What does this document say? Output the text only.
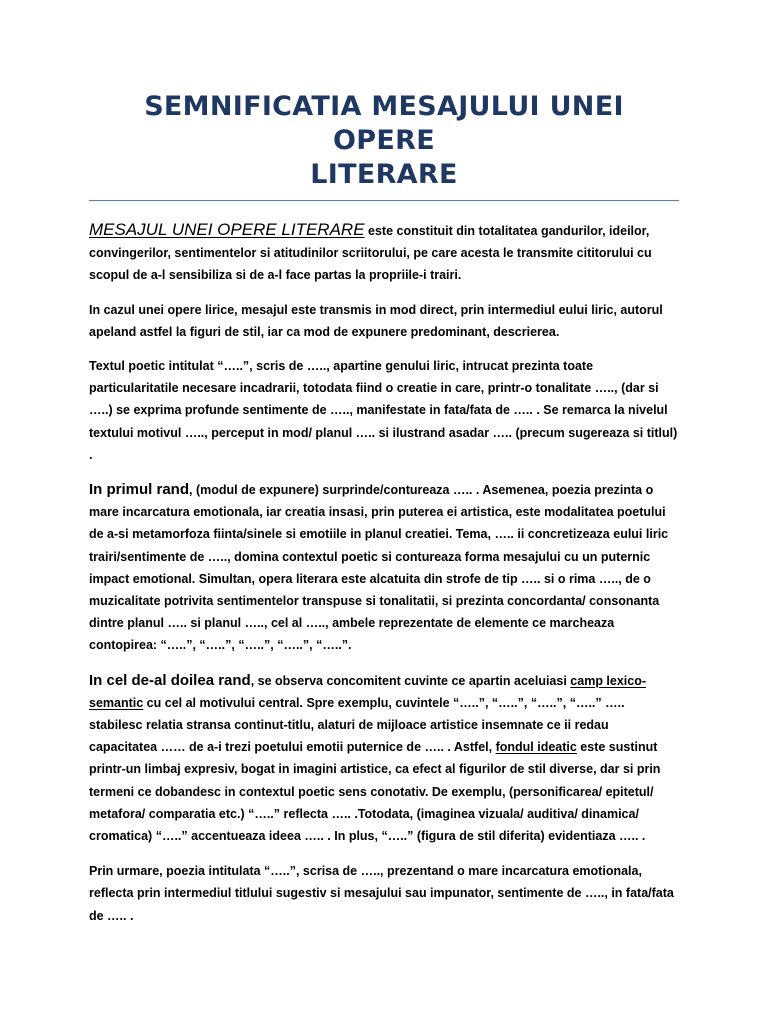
SEMNIFICATIA MESAJULUI UNEI OPERE
LITERARE

MESAJUL UNEI OPERE LITERARE este constituit din totalitatea gandurilor, ideilor, convingerilor, sentimentelor si atitudinilor scriitorului, pe care acesta le transmite cititorului cu scopul de a-l sensibiliza si de a-l face partas la propriile-i trairi.

In cazul unei opere lirice, mesajul este transmis in mod direct, prin intermediul eului liric, autorul apeland astfel la figuri de stil, iar ca mod de expunere predominant, descrierea.

Textul poetic intitulat “…..”, scris de ….., apartine genului liric, intrucat prezinta toate particularitatile necesare incadrarii, totodata fiind o creatie in care, printr-o tonalitate ….., (dar si …..) se exprima profunde sentimente de ….., manifestate in fata/fata de ….. . Se remarca la nivelul textului motivul ….., perceput in mod/ planul ….. si ilustrand asadar ….. (precum sugereaza si titlul) .

In primul rand, (modul de expunere) surprinde/contureaza ….. . Asemenea, poezia prezinta o mare incarcatura emotionala, iar creatia insasi, prin puterea ei artistica, este modalitatea poetului de a-si metamorfoza fiinta/sinele si emotiile in planul creatiei. Tema, ….. ii concretizeaza eului liric trairi/sentimente de ….., domina contextul poetic si contureaza forma mesajului cu un puternic impact emotional. Simultan, opera literara este alcatuita din strofe de tip ….. si o rima ….., de o muzicalitate potrivita sentimentelor transpuse si tonalitatii, si prezinta concordanta/ consonanta dintre planul ….. si planul ….., cel al ….., ambele reprezentate de elemente ce marcheaza contopirea: “…..”, “…..”, “…..”, “…..”, “…..”.

In cel de-al doilea rand, se observa concomitent cuvinte ce apartin aceluiasi camp lexico-semantic cu cel al motivului central. Spre exemplu, cuvintele “…..”, “…..”, “…..”, “…..” ….. stabilesc relatia stransa continut-titlu, alaturi de mijloace artistice insemnate ce ii redau capacitatea …… de a-i trezi poetului emotii puternice de ….. . Astfel, fondul ideatic este sustinut printr-un limbaj expresiv, bogat in imagini artistice, ca efect al figurilor de stil diverse, dar si prin termeni ce dobandesc in contextul poetic sens conotativ. De exemplu, (personificarea/ epitetul/ metafora/ comparatia etc.) “…..” reflecta ….. .Totodata, (imaginea vizuala/ auditiva/ dinamica/ cromatica) “…..” accentueaza ideea ….. . In plus, “…..” (figura de stil diferita) evidentiaza ….. .

Prin urmare, poezia intitulata “…..”, scrisa de ….., prezentand o mare incarcatura emotionala, reflecta prin intermediul titlului sugestiv si mesajului sau impunator, sentimente de ….., in fata/fata de ….. .
